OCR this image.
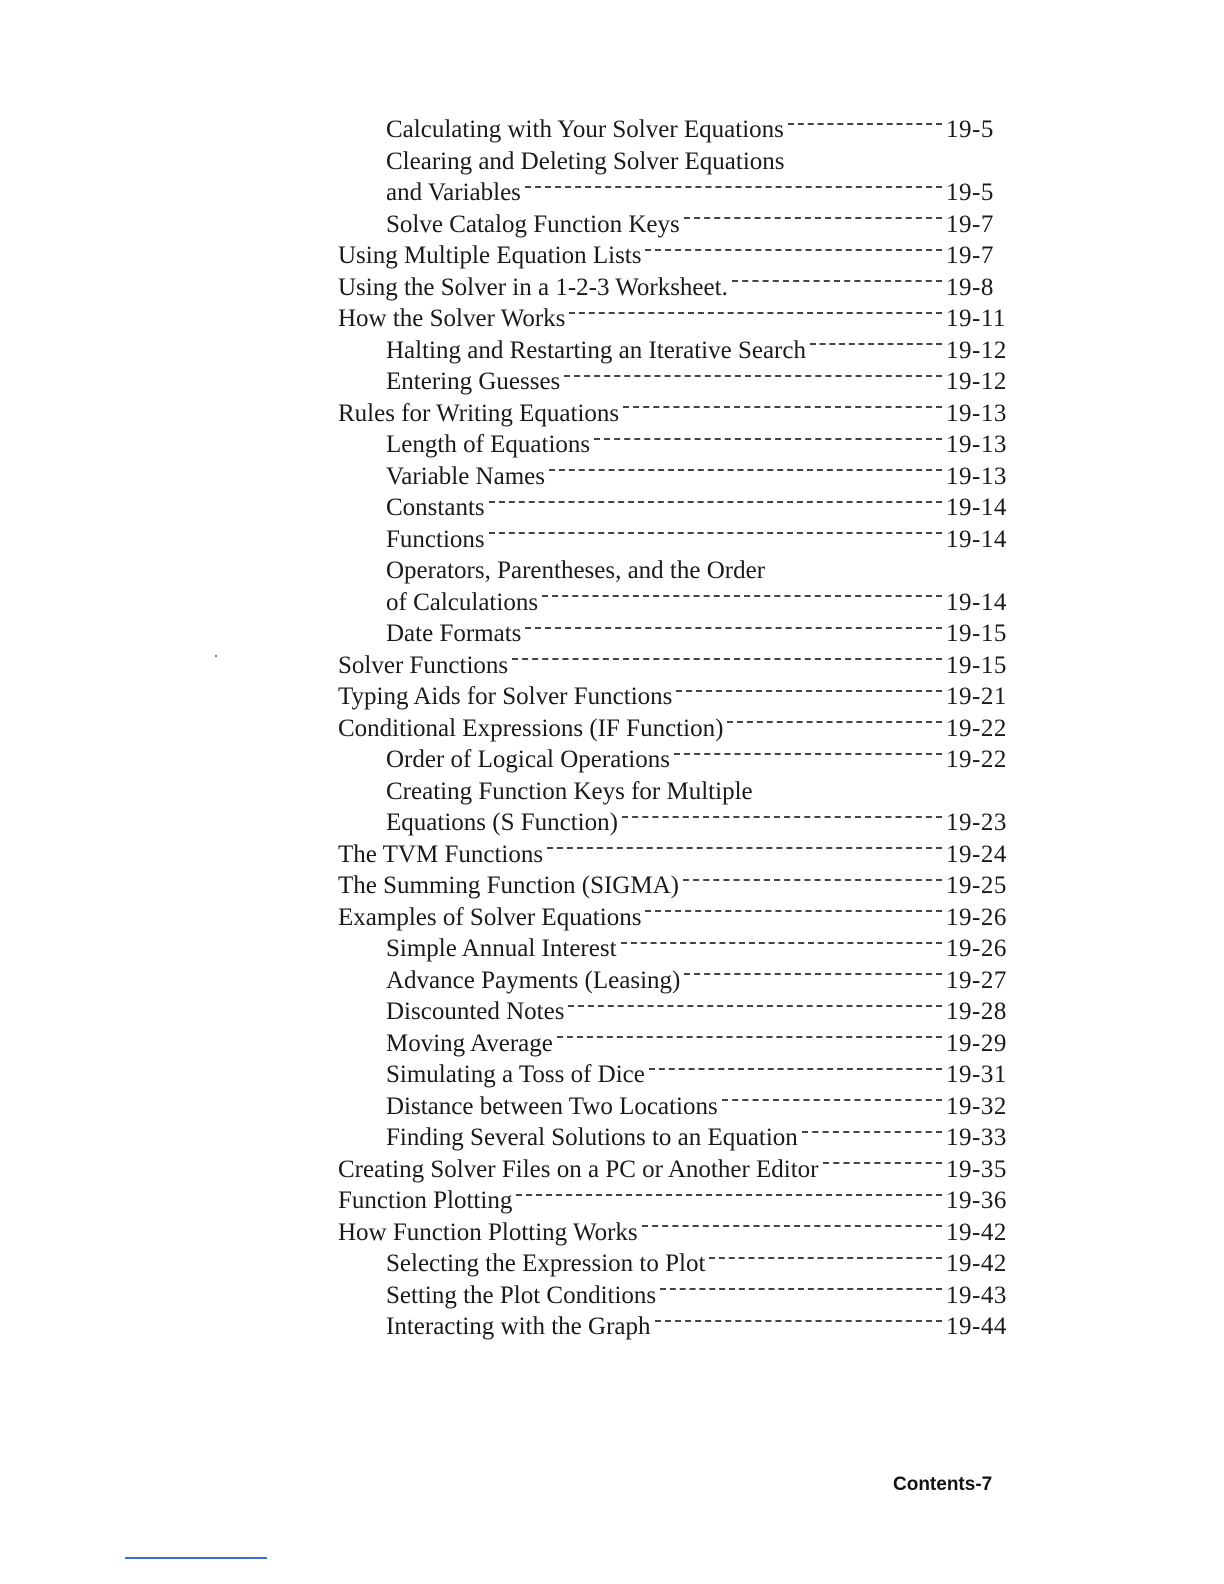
Calculating with Your Solver Equations	19-5
Clearing and Deleting Solver Equations
and Variables	19-5
Solve Catalog Function Keys	19-7
Using Multiple Equation Lists	19-7
Using the Solver in a 1-2-3 Worksheet.	19-8
How the Solver Works	19-11
Halting and Restarting an Iterative Search	19-12
Entering Guesses	19-12
Rules for Writing Equations	19-13
Length of Equations	19-13
Variable Names	19-13
Constants	19-14
Functions	19-14
Operators, Parentheses, and the Order
of Calculations	19-14
Date Formats	19-15
Solver Functions	19-15
Typing Aids for Solver Functions	19-21
Conditional Expressions (IF Function)	19-22
Order of Logical Operations	19-22
Creating Function Keys for Multiple
Equations (S Function)	19-23
The TVM Functions	19-24
The Summing Function (SIGMA)	19-25
Examples of Solver Equations	19-26
Simple Annual Interest	19-26
Advance Payments (Leasing)	19-27
Discounted Notes	19-28
Moving Average	19-29
Simulating a Toss of Dice	19-31
Distance between Two Locations	19-32
Finding Several Solutions to an Equation	19-33
Creating Solver Files on a PC or Another Editor	19-35
Function Plotting	19-36
How Function Plotting Works	19-42
Selecting the Expression to Plot	19-42
Setting the Plot Conditions	19-43
Interacting with the Graph	19-44
Contents-7
